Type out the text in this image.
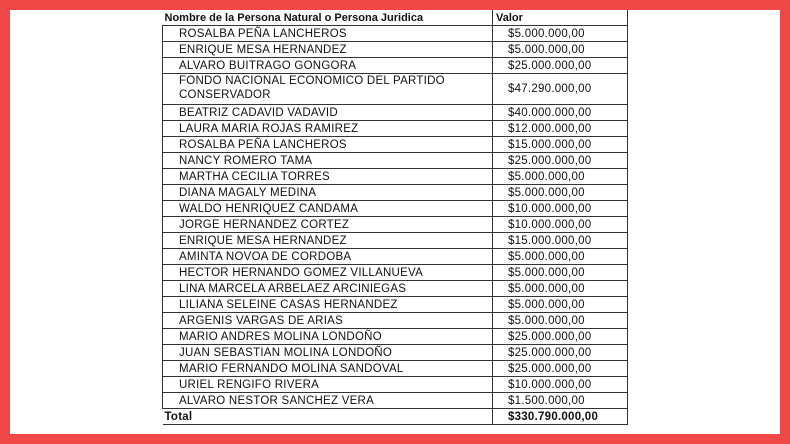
Nombre de la Persona Natural o Persona Juridica	Valor	
ROSALBA PEÑA LANCHEROS	$5.000.000,00	
ENRIQUE MESA HERNANDEZ	$5.000.000,00	
ALVARO BUITRAGO GONGORA	$25.000.000,00	
FONDO NACIONAL ECONOMICO DEL PARTIDO CONSERVADOR	$47.290.000,00	
BEATRIZ CADAVID VADAVID	$40.000.000,00	
LAURA MARIA ROJAS RAMIREZ	$12.000.000,00	
ROSALBA PEÑA LANCHEROS	$15.000.000,00	
NANCY ROMERO TAMA	$25.000.000,00	
MARTHA CECILIA TORRES	$5.000.000,00	
DIANA MAGALY MEDINA	$5.000.000,00	
WALDO HENRIQUEZ CANDAMA	$10.000.000,00	
JORGE HERNANDEZ CORTEZ	$10.000.000,00	
ENRIQUE MESA HERNANDEZ	$15.000.000,00	
AMINTA NOVOA DE CORDOBA	$5.000.000,00	
HECTOR HERNANDO GOMEZ VILLANUEVA	$5.000.000,00	
LINA MARCELA ARBELAEZ ARCINIEGAS	$5.000.000,00	
LILIANA SELEINE CASAS HERNANDEZ	$5.000.000,00	
ARGENIS VARGAS DE ARIAS	$5.000.000,00	
MARIO ANDRES MOLINA LONDOÑO	$25.000.000,00	
JUAN SEBASTIAN MOLINA LONDOÑO	$25.000.000,00	
MARIO FERNANDO MOLINA SANDOVAL	$25.000.000,00	
URIEL RENGIFO RIVERA	$10.000.000,00	
ALVARO NESTOR SANCHEZ VERA	$1.500.000,00	
Total	$330.790.000,00	
